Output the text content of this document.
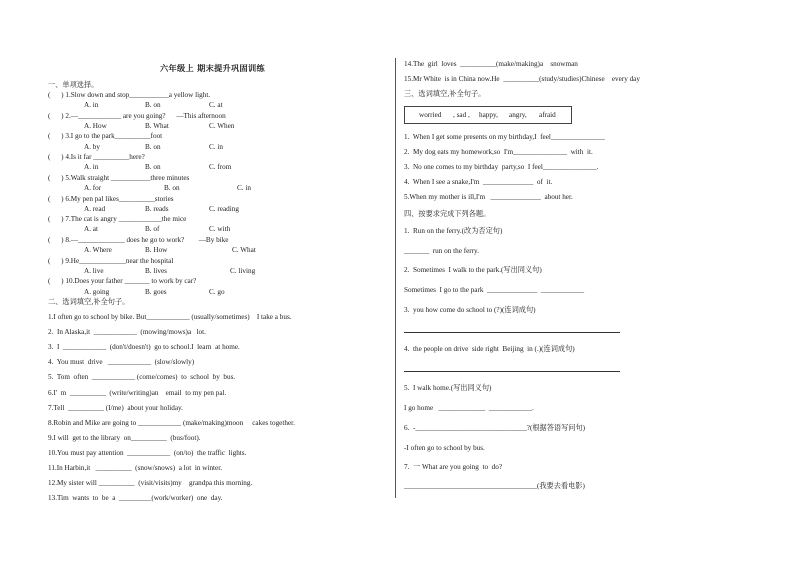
六年级上 期末提升巩固训练
一、单项选择。
(      ) 1.Slow down and stop___________a yellow light.
A. in	B. on	C. at
(      ) 2.—____________ are you going?      —This afternoon
A. How	B. What	C. When
(      ) 3.I go to the park__________foot
A. by	B. on	C. in
(      ) 4.Is it far __________here?
A. in	B. on	C. from
(      ) 5.Walk straight ___________three minutes
A. for	B. on	C. in
(      ) 6.My pen pal likes__________stories
A. read	B. reads	C. reading
(      ) 7.The cat is angry ____________the mice
A. at	B. of	C. with
(      ) 8.—_____________ does he go to work?        —By bike
A. Where	B. How	C. What
(      ) 9.He_____________near the hospital
A. live	B. lives	C. living
(      ) 10.Does your father _______ to work by car?
A. going	B. goes	C. go
二、选词填空,补全句子。
1.I often go to school by bike. But____________ (usually/sometimes)    I take a bus.
2.  In Alaska,it  ____________  (mowing/mows)a   lot.
3.  I  ____________  (don't/doesn't)  go to school.I  learn  at home.
4.  You must  drive   ____________  (slow/slowly)
5.  Tom  often  ____________ (come/comes)  to  school  by  bus.
6.I'  m  __________  (write/writing)an    email  to my pen pal.
7.Tell  __________ (I/me)  about your holiday.
8.Robin and Mike are going to ____________ (make/making)moon     cakes together.
9.I will  get to the library  on__________  (bus/foot).
10.You must pay attention  ____________  (on/to)  the traffic  lights.
11.In Harbin,it   __________  (snow/snows)  a lot  in winter.
12.My sister will __________  (visit/visits)my    grandpa this morning.
13.Tim  wants  to  be  a  _________(work/worker)  one  day.
14.The  girl  loves  __________(make/making)a    snowman
15.Mr White  is in China now.He  __________(study/studies)Chinese    every day
三、选词填空,补全句子。
worried , sad , happy, angry, afraid
1.  When I get some presents on my birthday,I  feel_______________
2.  My dog eats my homework,so  I'm_______________  with  it.
3.  No one comes to my birthday  party,so  I feel_______________.
4.  When I see a snake,I'm  ______________  of  it.
5.When my mother is ill,I'm   ______________  about her.
四、按要求完成下列各题。
1.  Run on the ferry.(改为否定句)
_______  run on the ferry.
2.  Sometimes  I walk to the park.(写出同义句)
Sometimes  I go to the park  ______________  ____________
3.  you how come do school to (?)(连词成句)
4.  the people on drive  side right  Beijing  in (.)(连词成句)
5.  I walk home.(写出同义句)
I go home   _____________  ____________.
6.  -_______________________________?(根据答语写问句)
-I often go to school by bus.
7.  一 What are you going  to  do?
_____________________________________(我要去看电影)
